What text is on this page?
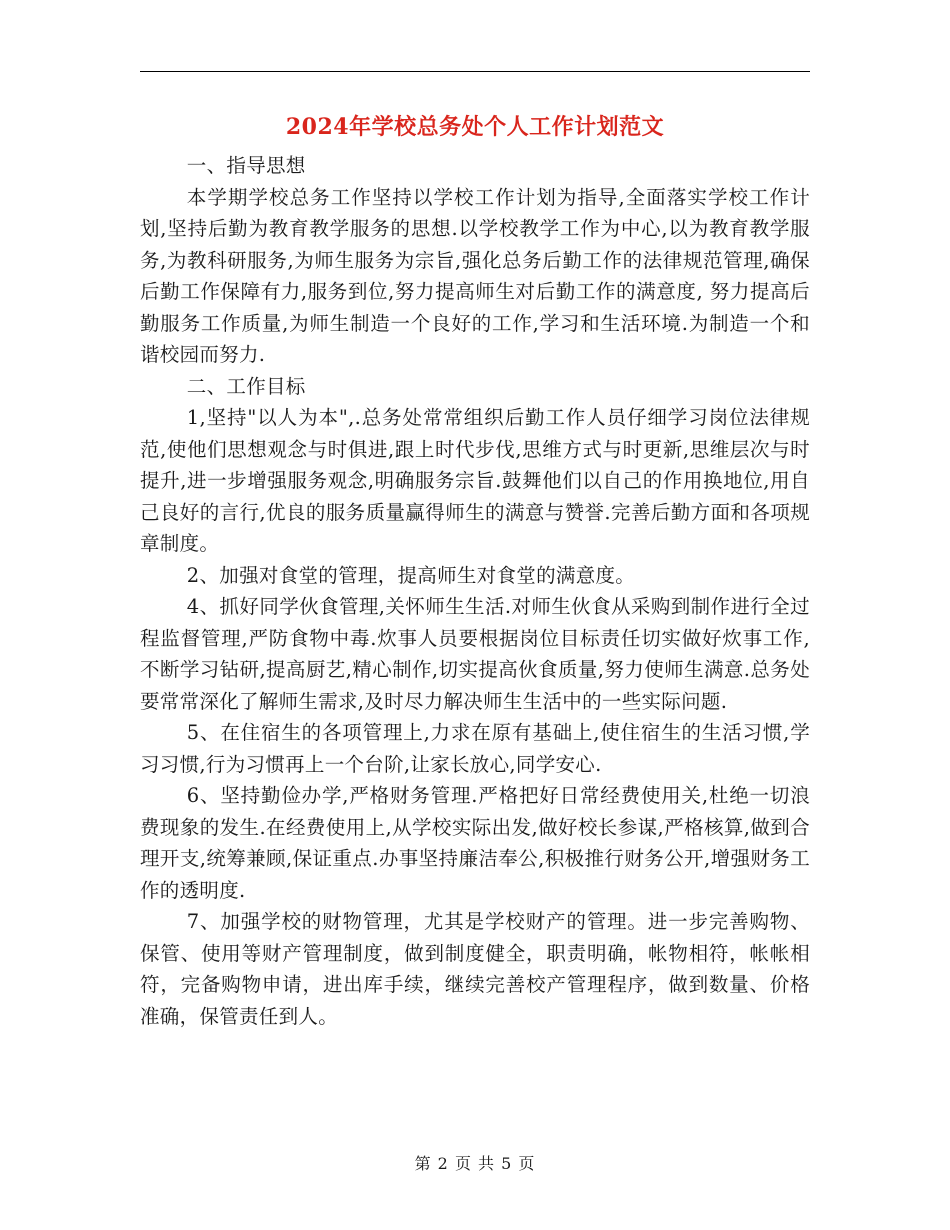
2024年学校总务处个人工作计划范文

一、指导思想

本学期学校总务工作坚持以学校工作计划为指导,全面落实学校工作计划,坚持后勤为教育教学服务的思想.以学校教学工作为中心,以为教育教学服务,为教科研服务,为师生服务为宗旨,强化总务后勤工作的法律规范管理,确保后勤工作保障有力,服务到位,努力提高师生对后勤工作的满意度, 努力提高后勤服务工作质量,为师生制造一个良好的工作,学习和生活环境.为制造一个和谐校园而努力.

二、工作目标

1,坚持"以人为本",.总务处常常组织后勤工作人员仔细学习岗位法律规范,使他们思想观念与时俱进,跟上时代步伐,思维方式与时更新,思维层次与时提升,进一步增强服务观念,明确服务宗旨.鼓舞他们以自己的作用换地位,用自己良好的言行,优良的服务质量赢得师生的满意与赞誉.完善后勤方面和各项规章制度。

2、加强对食堂的管理，提高师生对食堂的满意度。

4、抓好同学伙食管理,关怀师生生活.对师生伙食从采购到制作进行全过程监督管理,严防食物中毒.炊事人员要根据岗位目标责任切实做好炊事工作,不断学习钻研,提高厨艺,精心制作,切实提高伙食质量,努力使师生满意.总务处要常常深化了解师生需求,及时尽力解决师生生活中的一些实际问题.

5、在住宿生的各项管理上,力求在原有基础上,使住宿生的生活习惯,学习习惯,行为习惯再上一个台阶,让家长放心,同学安心.

6、坚持勤俭办学,严格财务管理.严格把好日常经费使用关,杜绝一切浪费现象的发生.在经费使用上,从学校实际出发,做好校长参谋,严格核算,做到合理开支,统筹兼顾,保证重点.办事坚持廉洁奉公,积极推行财务公开,增强财务工作的透明度.

7、加强学校的财物管理，尤其是学校财产的管理。进一步完善购物、保管、使用等财产管理制度，做到制度健全，职责明确，帐物相符，帐帐相符，完备购物申请，进出库手续，继续完善校产管理程序，做到数量、价格准确，保管责任到人。

第 2 页 共 5 页
